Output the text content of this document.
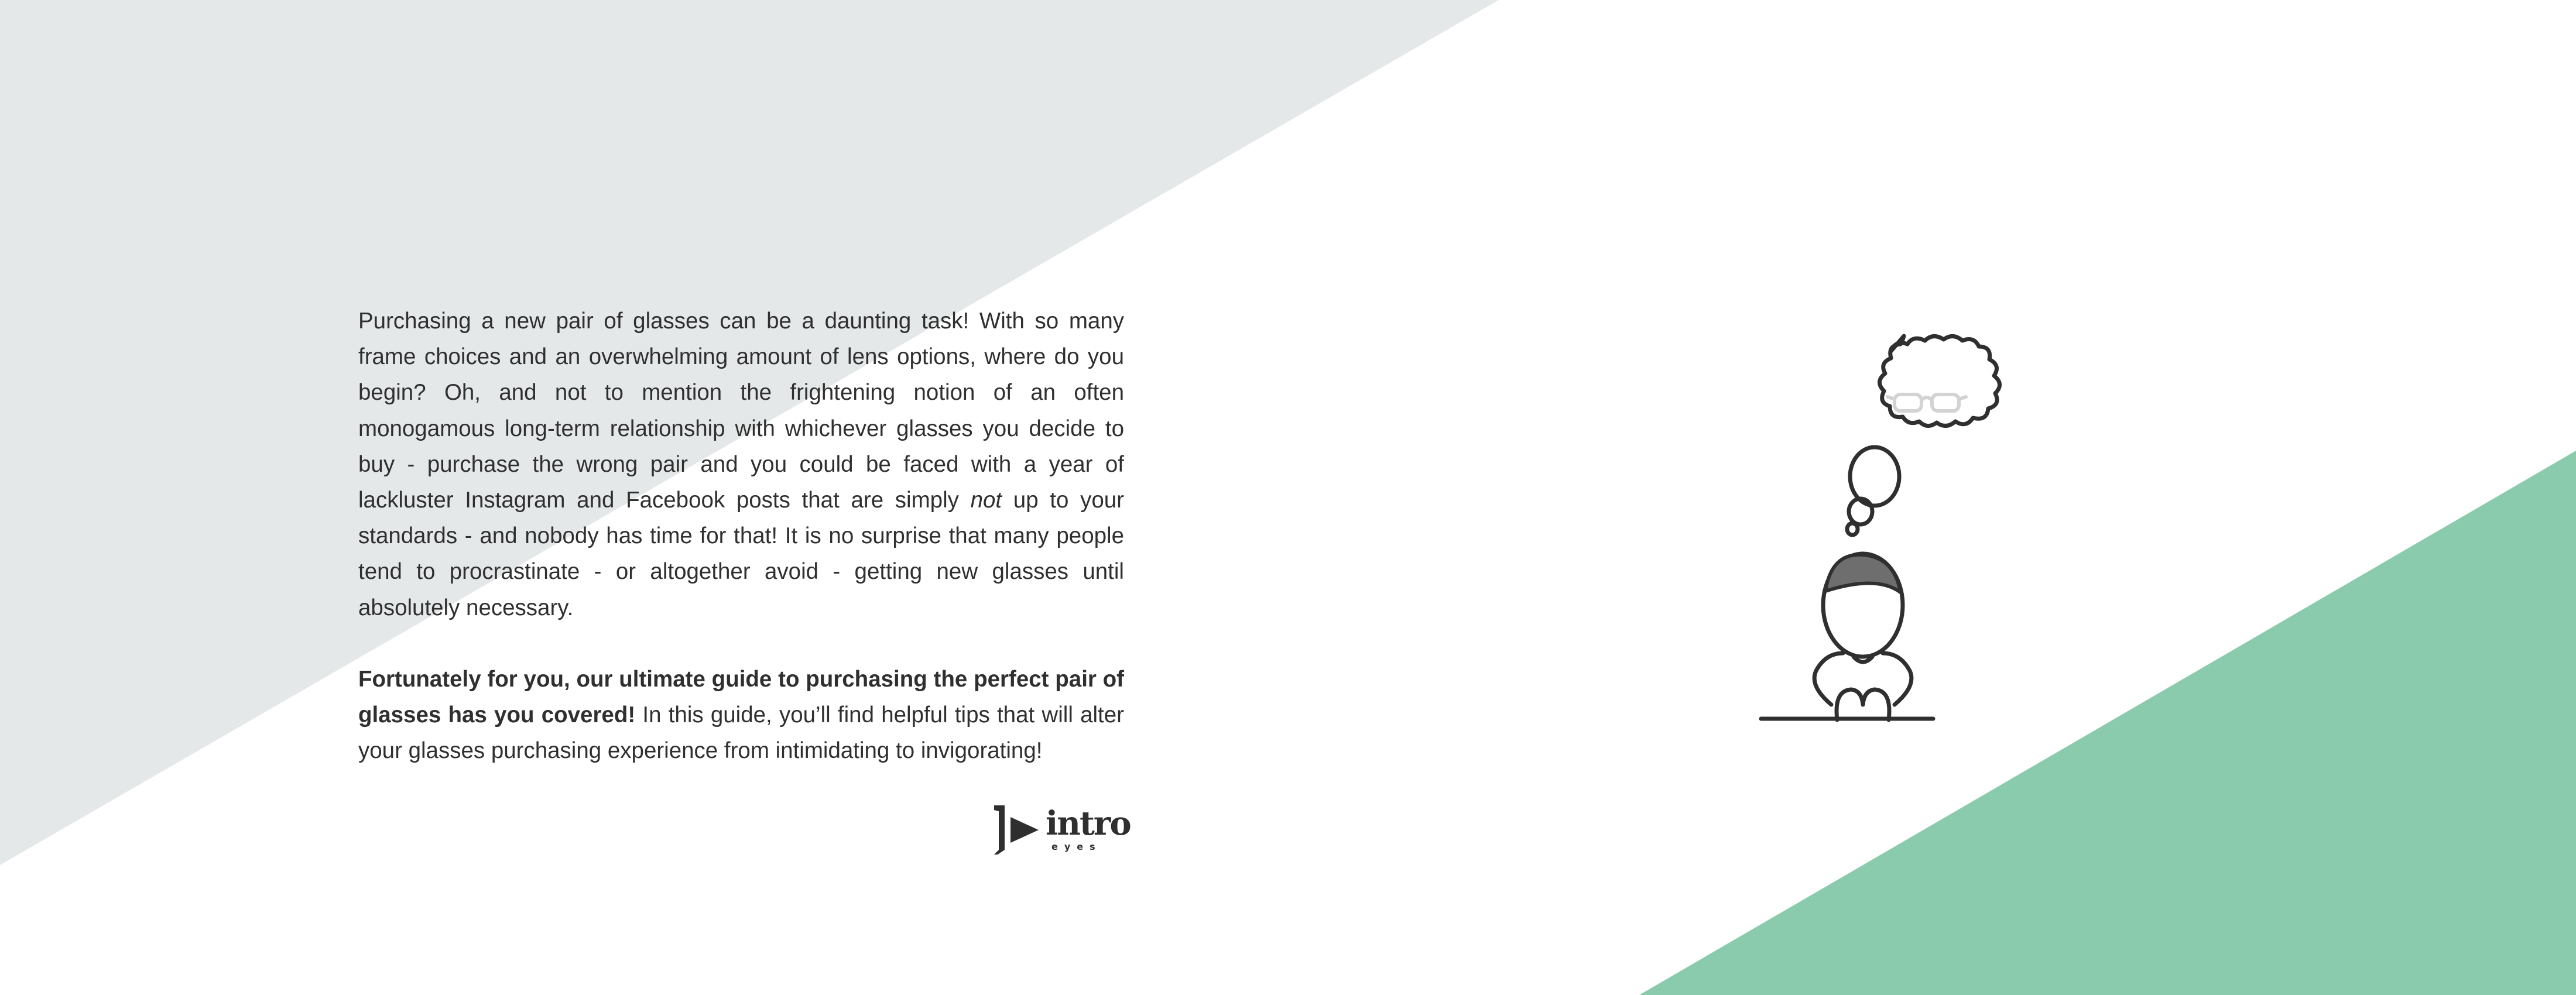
Purchasing a new pair of glasses can be a daunting task! With so many frame choices and an overwhelming amount of lens options, where do you begin? Oh, and not to mention the frightening notion of an often monogamous long-term relationship with whichever glasses you decide to buy - purchase the wrong pair and you could be faced with a year of lackluster Instagram and Facebook posts that are simply not up to your standards - and nobody has time for that! It is no surprise that many people tend to procrastinate - or altogether avoid - getting new glasses until absolutely necessary.

Fortunately for you, our ultimate guide to purchasing the perfect pair of glasses has you covered! In this guide, you’ll find helpful tips that will alter your glasses purchasing experience from intimidating to invigorating!

intro
eyes
